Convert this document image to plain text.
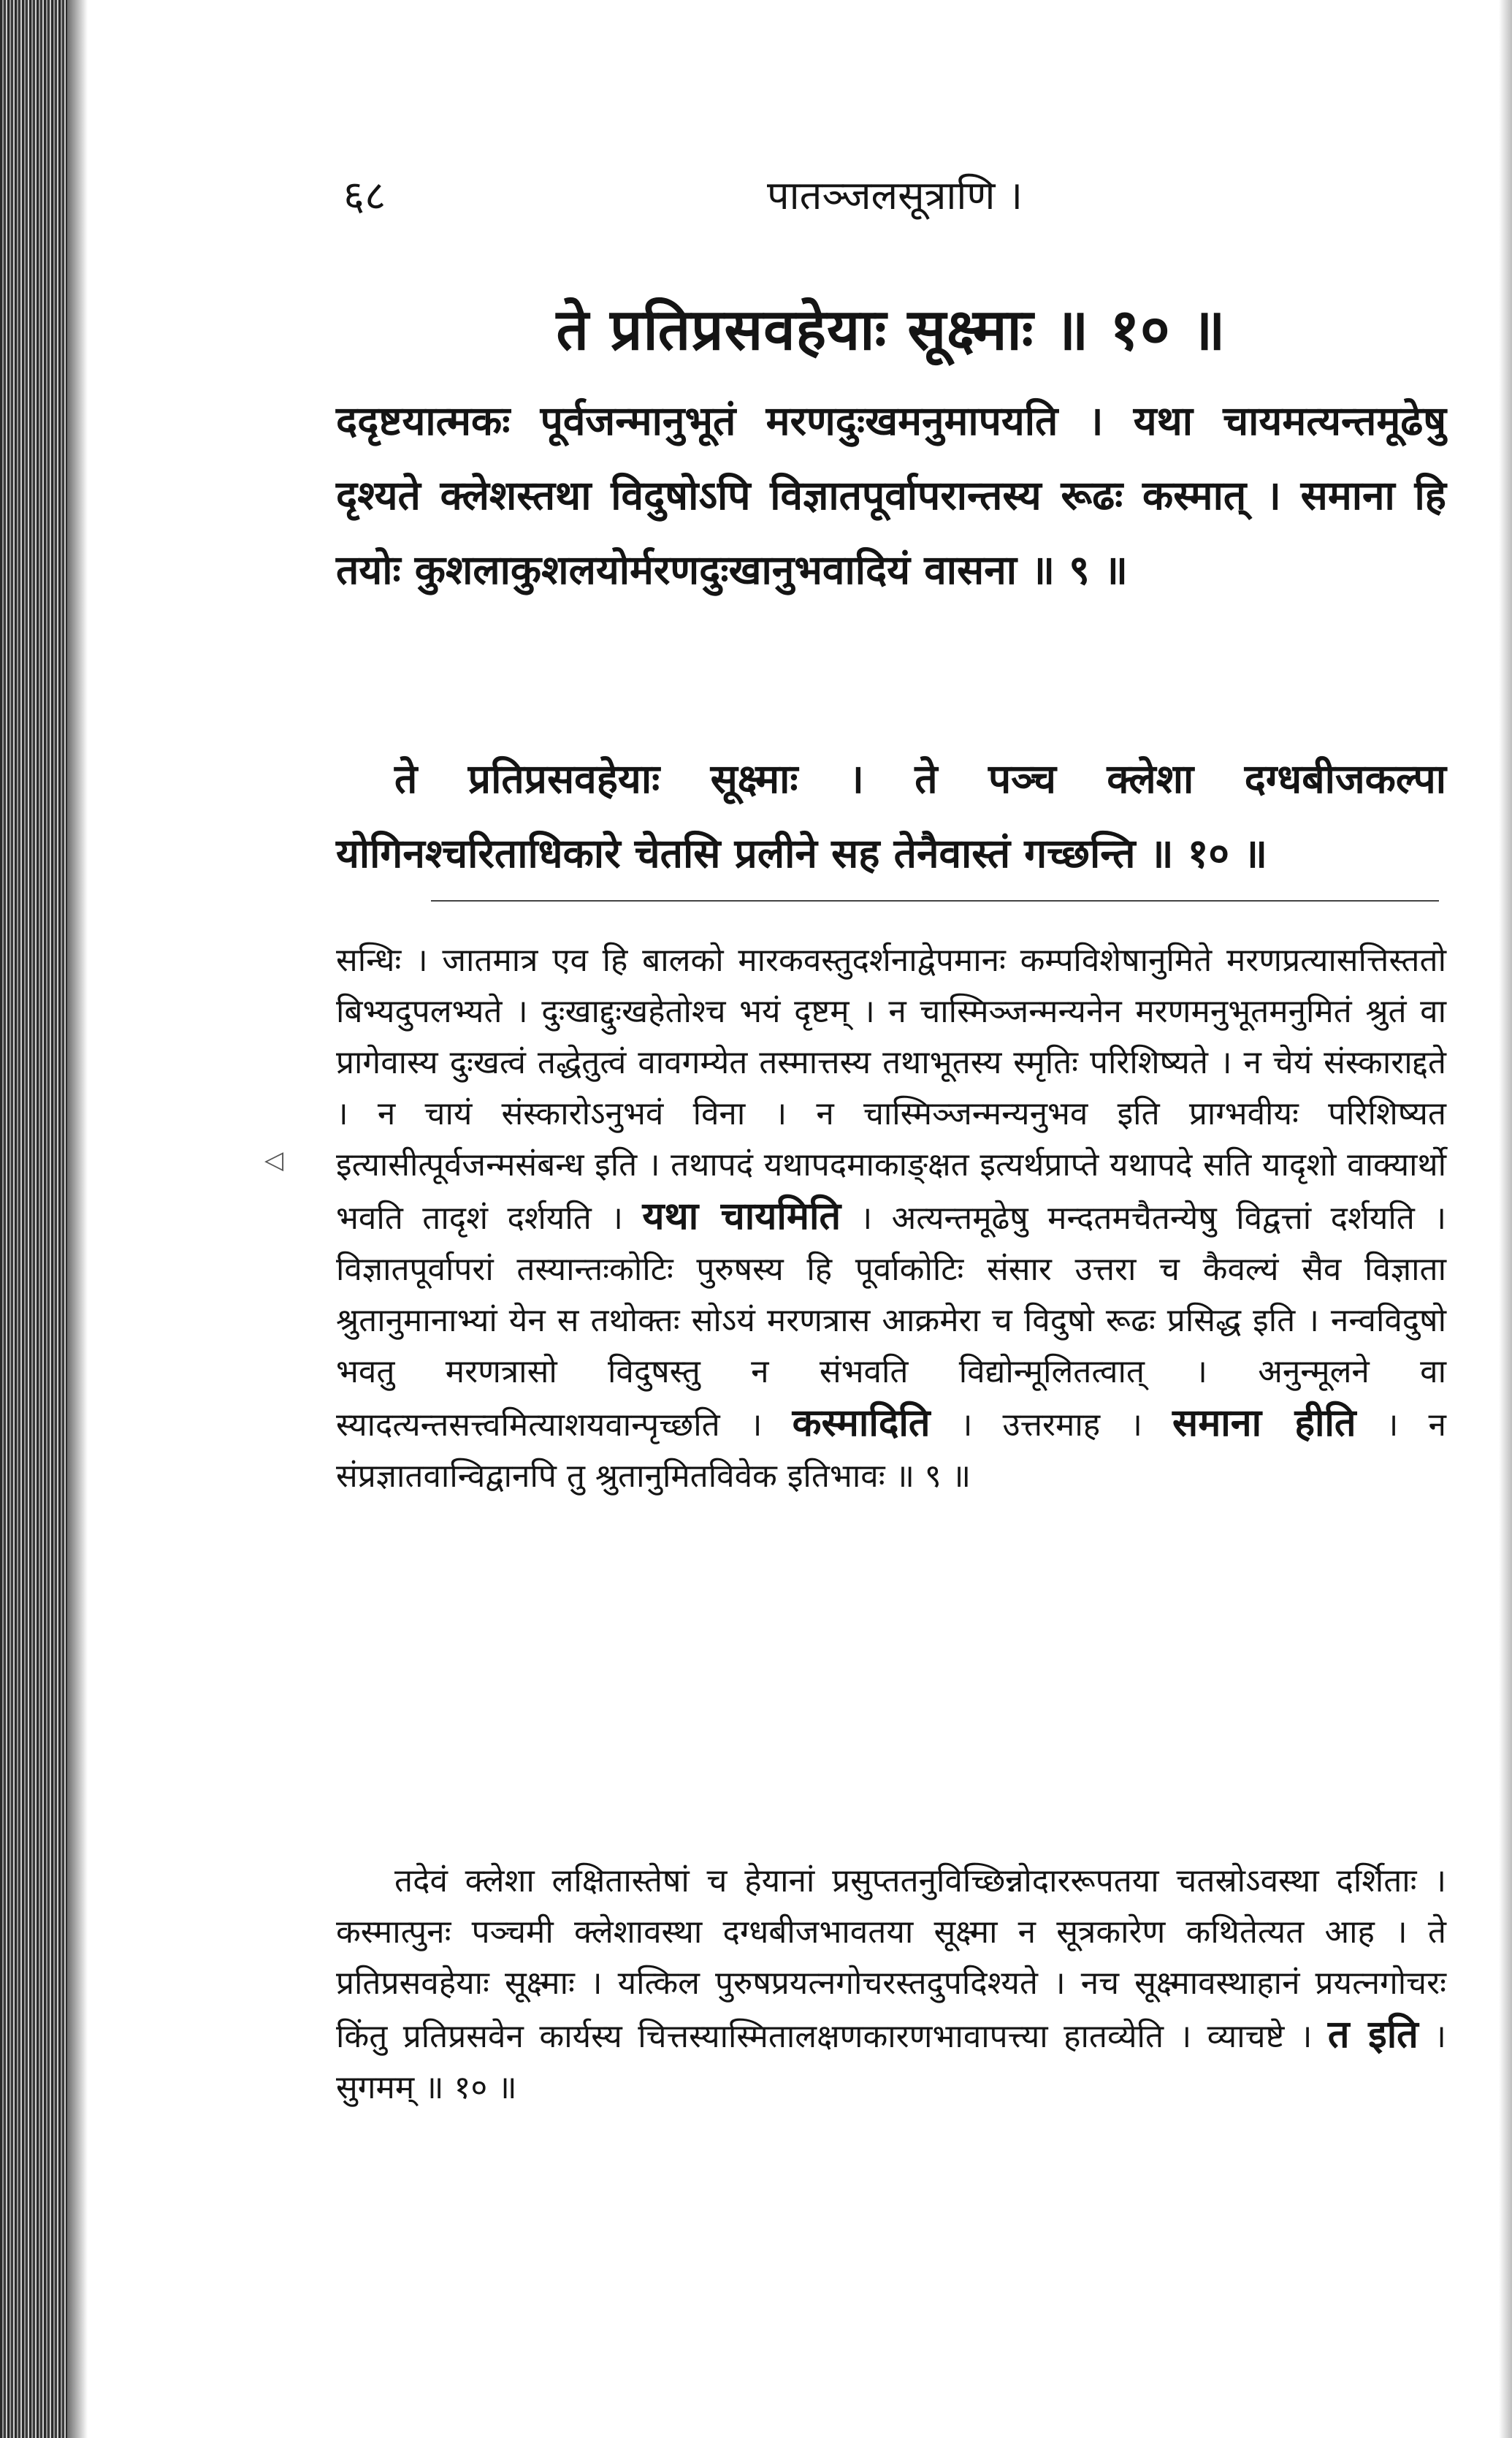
◁
६८	पातञ्जलसूत्राणि ।
ते प्रतिप्रसवहेयाः सूक्ष्माः ॥ १० ॥

ददृष्टयात्मकः पूर्वजन्मानुभूतं मरणदुःखमनुमापयति । यथा चायमत्यन्तमूढेषु दृश्यते क्लेशस्तथा विदुषोऽपि विज्ञातपूर्वापरान्तस्य रूढः कस्मात् । समाना हि तयोः कुशलाकुशलयोर्मरणदुःखानुभवादियं वासना ॥ ९ ॥

ते प्रतिप्रसवहेयाः सूक्ष्माः । ते पञ्च क्लेशा दग्धबीजकल्पा योगिनश्चरिताधिकारे चेतसि प्रलीने सह तेनैवास्तं गच्छन्ति ॥ १० ॥

सन्धिः । जातमात्र एव हि बालको मारकवस्तुदर्शनाद्वेपमानः कम्पविशेषानुमिते मरणप्रत्यासत्तिस्ततो बिभ्यदुपलभ्यते । दुःखाद्दुःखहेतोश्च भयं दृष्टम् । न चास्मिञ्जन्मन्यनेन मरणमनुभूतमनुमितं श्रुतं वा प्रागेवास्य दुःखत्वं तद्धेतुत्वं वावगम्येत तस्मात्तस्य तथाभूतस्य स्मृतिः परिशिष्यते । न चेयं संस्काराद्दते । न चायं संस्कारोऽनुभवं विना । न चास्मिञ्जन्मन्यनुभव इति प्राग्भवीयः परिशिष्यत इत्यासीत्पूर्वजन्मसंबन्ध इति । तथापदं यथापदमाकाङ्क्षत इत्यर्थप्राप्ते यथापदे सति यादृशो वाक्यार्थो भवति तादृशं दर्शयति । यथा चायमिति । अत्यन्तमूढेषु मन्दतमचैतन्येषु विद्वत्तां दर्शयति । विज्ञातपूर्वापरां तस्यान्तःकोटिः पुरुषस्य हि पूर्वाकोटिः संसार उत्तरा च कैवल्यं सैव विज्ञाता श्रुतानुमानाभ्यां येन स तथोक्तः सोऽयं मरणत्रास आक्रमेरा च विदुषो रूढः प्रसिद्ध इति । नन्वविदुषो भवतु मरणत्रासो विदुषस्तु न संभवति विद्योन्मूलितत्वात् । अनुन्मूलने वा स्यादत्यन्तसत्त्वमित्याशयवान्पृच्छति । कस्मादिति । उत्तरमाह । समाना हीति । न संप्रज्ञातवान्विद्वानपि तु श्रुतानुमितविवेक इतिभावः ॥ ९ ॥

तदेवं क्लेशा लक्षितास्तेषां च हेयानां प्रसुप्ततनुविच्छिन्नोदाररूपतया चतस्रोऽवस्था दर्शिताः । कस्मात्पुनः पञ्चमी क्लेशावस्था दग्धबीजभावतया सूक्ष्मा न सूत्रकारेण कथितेत्यत आह । ते प्रतिप्रसवहेयाः सूक्ष्माः । यत्किल पुरुषप्रयत्नगोचरस्तदुपदिश्यते । नच सूक्ष्मावस्थाहानं प्रयत्नगोचरः किंतु प्रतिप्रसवेन कार्यस्य चित्तस्यास्मितालक्षणकारणभावापत्त्या हातव्येति । व्याचष्टे । त इति । सुगमम् ॥ १० ॥
